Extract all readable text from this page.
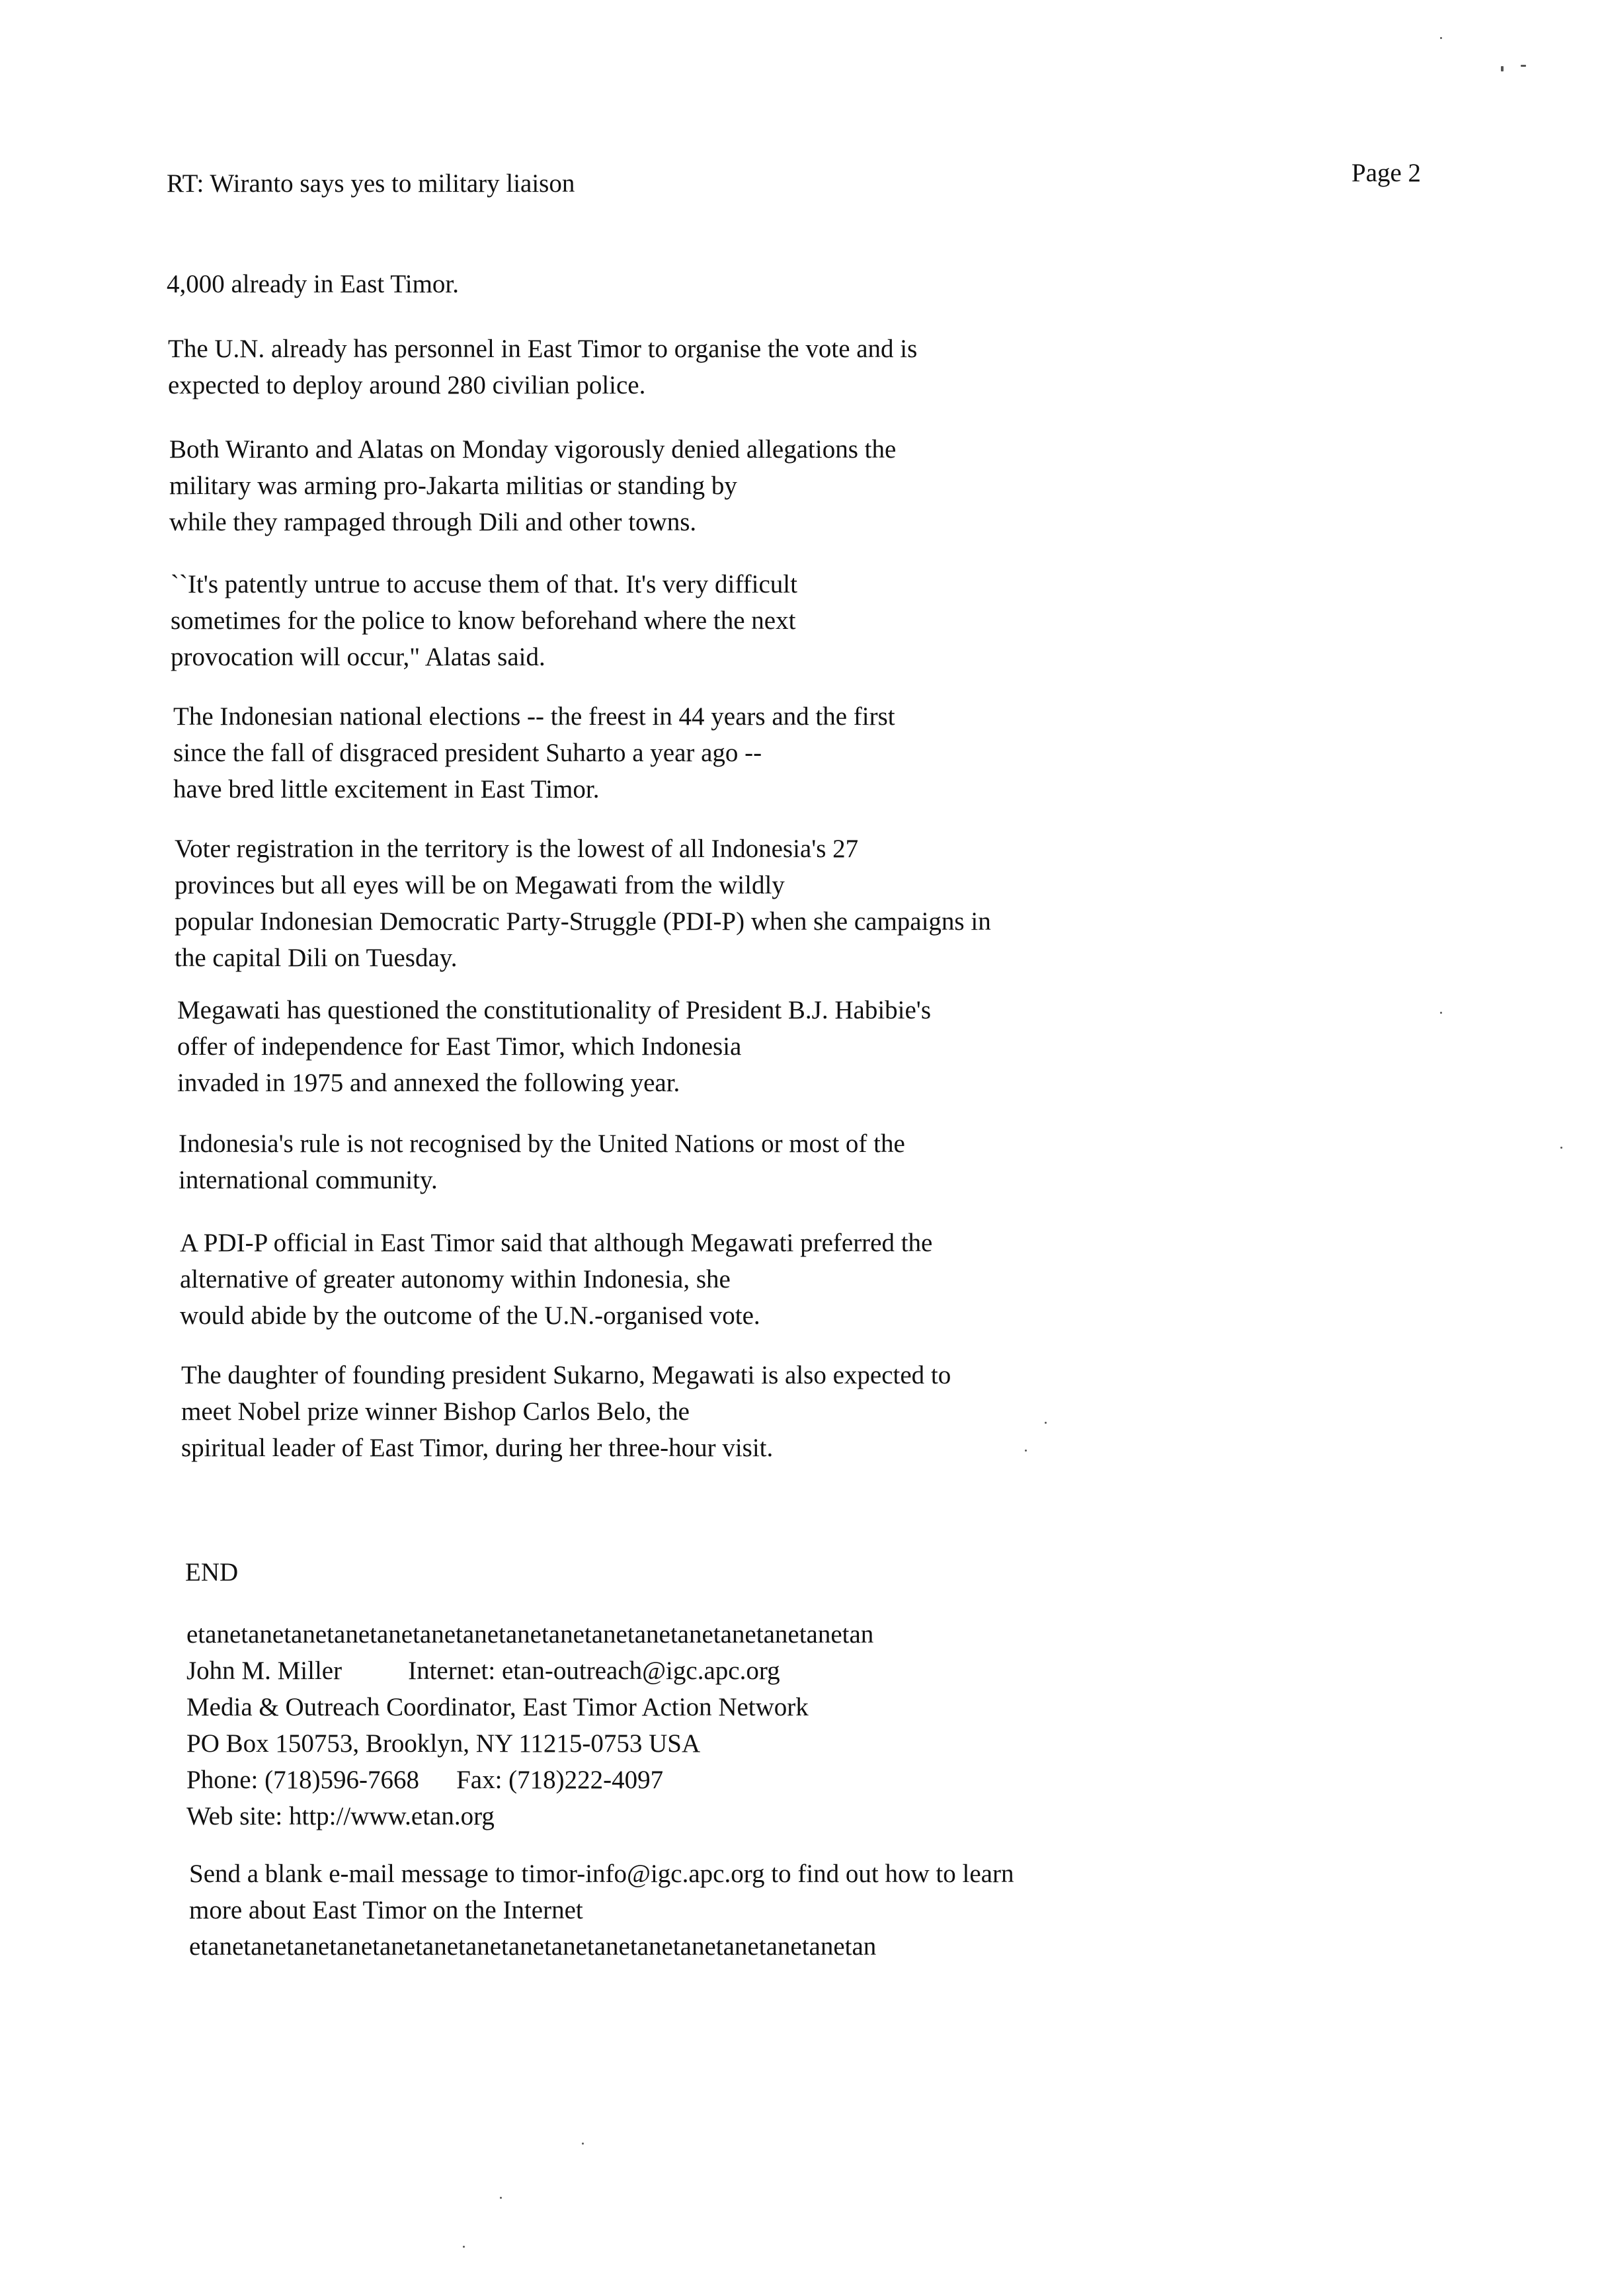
RT: Wiranto says yes to military liaison	Page 2

4,000 already in East Timor.

The U.N. already has personnel in East Timor to organise the vote and is
expected to deploy around 280 civilian police.

Both Wiranto and Alatas on Monday vigorously denied allegations the
military was arming pro-Jakarta militias or standing by
while they rampaged through Dili and other towns.

``It's patently untrue to accuse them of that. It's very difficult
sometimes for the police to know beforehand where the next
provocation will occur," Alatas said.

The Indonesian national elections -- the freest in 44 years and the first
since the fall of disgraced president Suharto a year ago --
have bred little excitement in East Timor.

Voter registration in the territory is the lowest of all Indonesia's 27
provinces but all eyes will be on Megawati from the wildly
popular Indonesian Democratic Party-Struggle (PDI-P) when she campaigns in
the capital Dili on Tuesday.

Megawati has questioned the constitutionality of President B.J. Habibie's
offer of independence for East Timor, which Indonesia
invaded in 1975 and annexed the following year.

Indonesia's rule is not recognised by the United Nations or most of the
international community.

A PDI-P official in East Timor said that although Megawati preferred the
alternative of greater autonomy within Indonesia, she
would abide by the outcome of the U.N.-organised vote.

The daughter of founding president Sukarno, Megawati is also expected to
meet Nobel prize winner Bishop Carlos Belo, the
spiritual leader of East Timor, during her three-hour visit.

END
etanetanetanetanetanetanetanetanetanetanetanetanetanetanetanetan
John M. Miller	Internet: etan-outreach@igc.apc.org
Media & Outreach Coordinator, East Timor Action Network
PO Box 150753, Brooklyn, NY 11215-0753 USA
Phone: (718)596-7668 Fax: (718)222-4097
Web site: http://www.etan.org
Send a blank e-mail message to timor-info@igc.apc.org to find out how to learn
more about East Timor on the Internet
etanetanetanetanetanetanetanetanetanetanetanetanetanetanetanetan
